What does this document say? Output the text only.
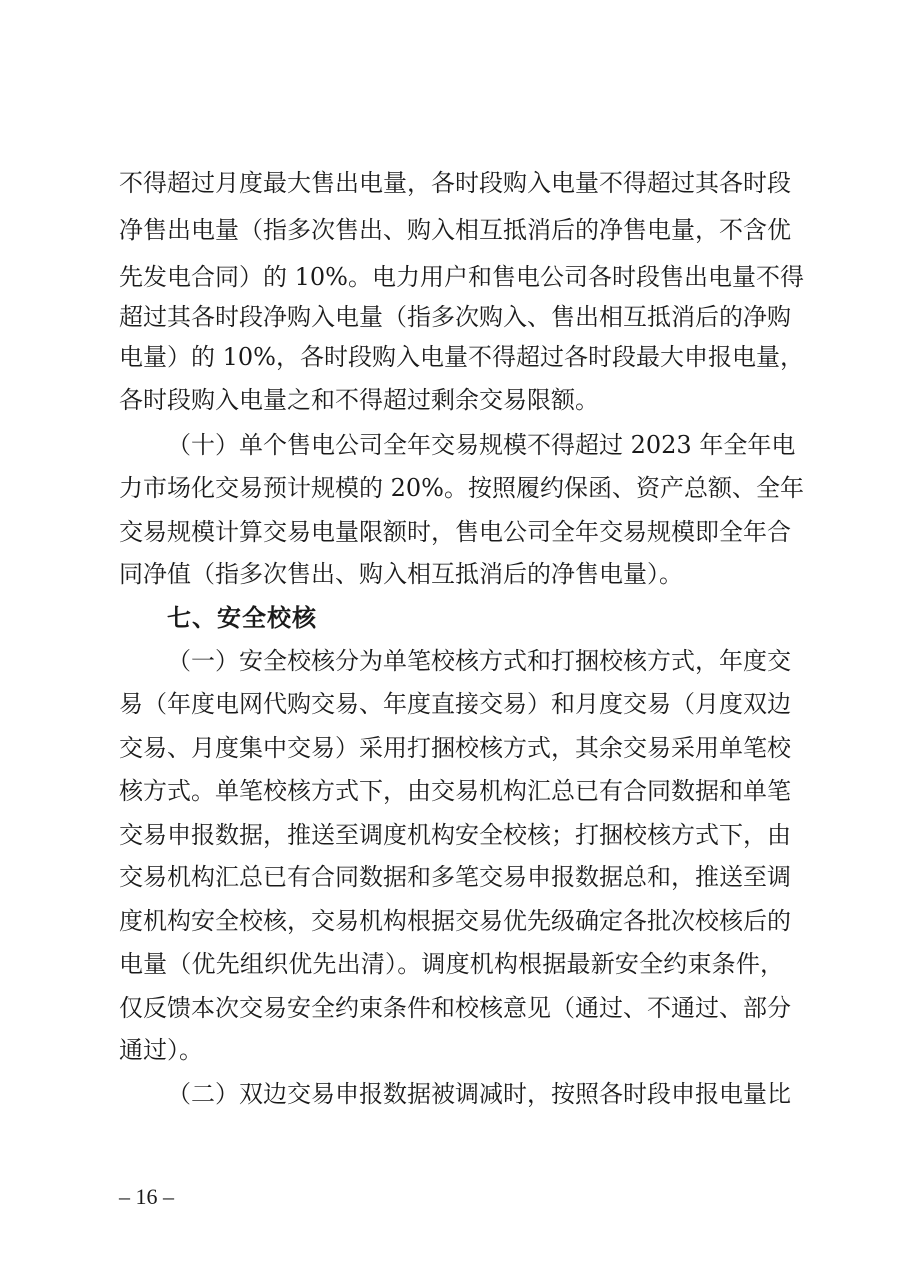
不得超过月度最大售出电量，各时段购入电量不得超过其各时段
净售出电量（指多次售出、购入相互抵消后的净售电量，不含优
先发电合同）的 10%。电力用户和售电公司各时段售出电量不得
超过其各时段净购入电量（指多次购入、售出相互抵消后的净购
电量）的 10%，各时段购入电量不得超过各时段最大申报电量，
各时段购入电量之和不得超过剩余交易限额。
（十）单个售电公司全年交易规模不得超过 2023 年全年电
力市场化交易预计规模的 20%。按照履约保函、资产总额、全年
交易规模计算交易电量限额时，售电公司全年交易规模即全年合
同净值（指多次售出、购入相互抵消后的净售电量）。
七、安全校核
（一）安全校核分为单笔校核方式和打捆校核方式，年度交
易（年度电网代购交易、年度直接交易）和月度交易（月度双边
交易、月度集中交易）采用打捆校核方式，其余交易采用单笔校
核方式。单笔校核方式下，由交易机构汇总已有合同数据和单笔
交易申报数据，推送至调度机构安全校核；打捆校核方式下，由
交易机构汇总已有合同数据和多笔交易申报数据总和，推送至调
度机构安全校核，交易机构根据交易优先级确定各批次校核后的
电量（优先组织优先出清）。调度机构根据最新安全约束条件，
仅反馈本次交易安全约束条件和校核意见（通过、不通过、部分
通过）。
（二）双边交易申报数据被调减时，按照各时段申报电量比
– 16 –
